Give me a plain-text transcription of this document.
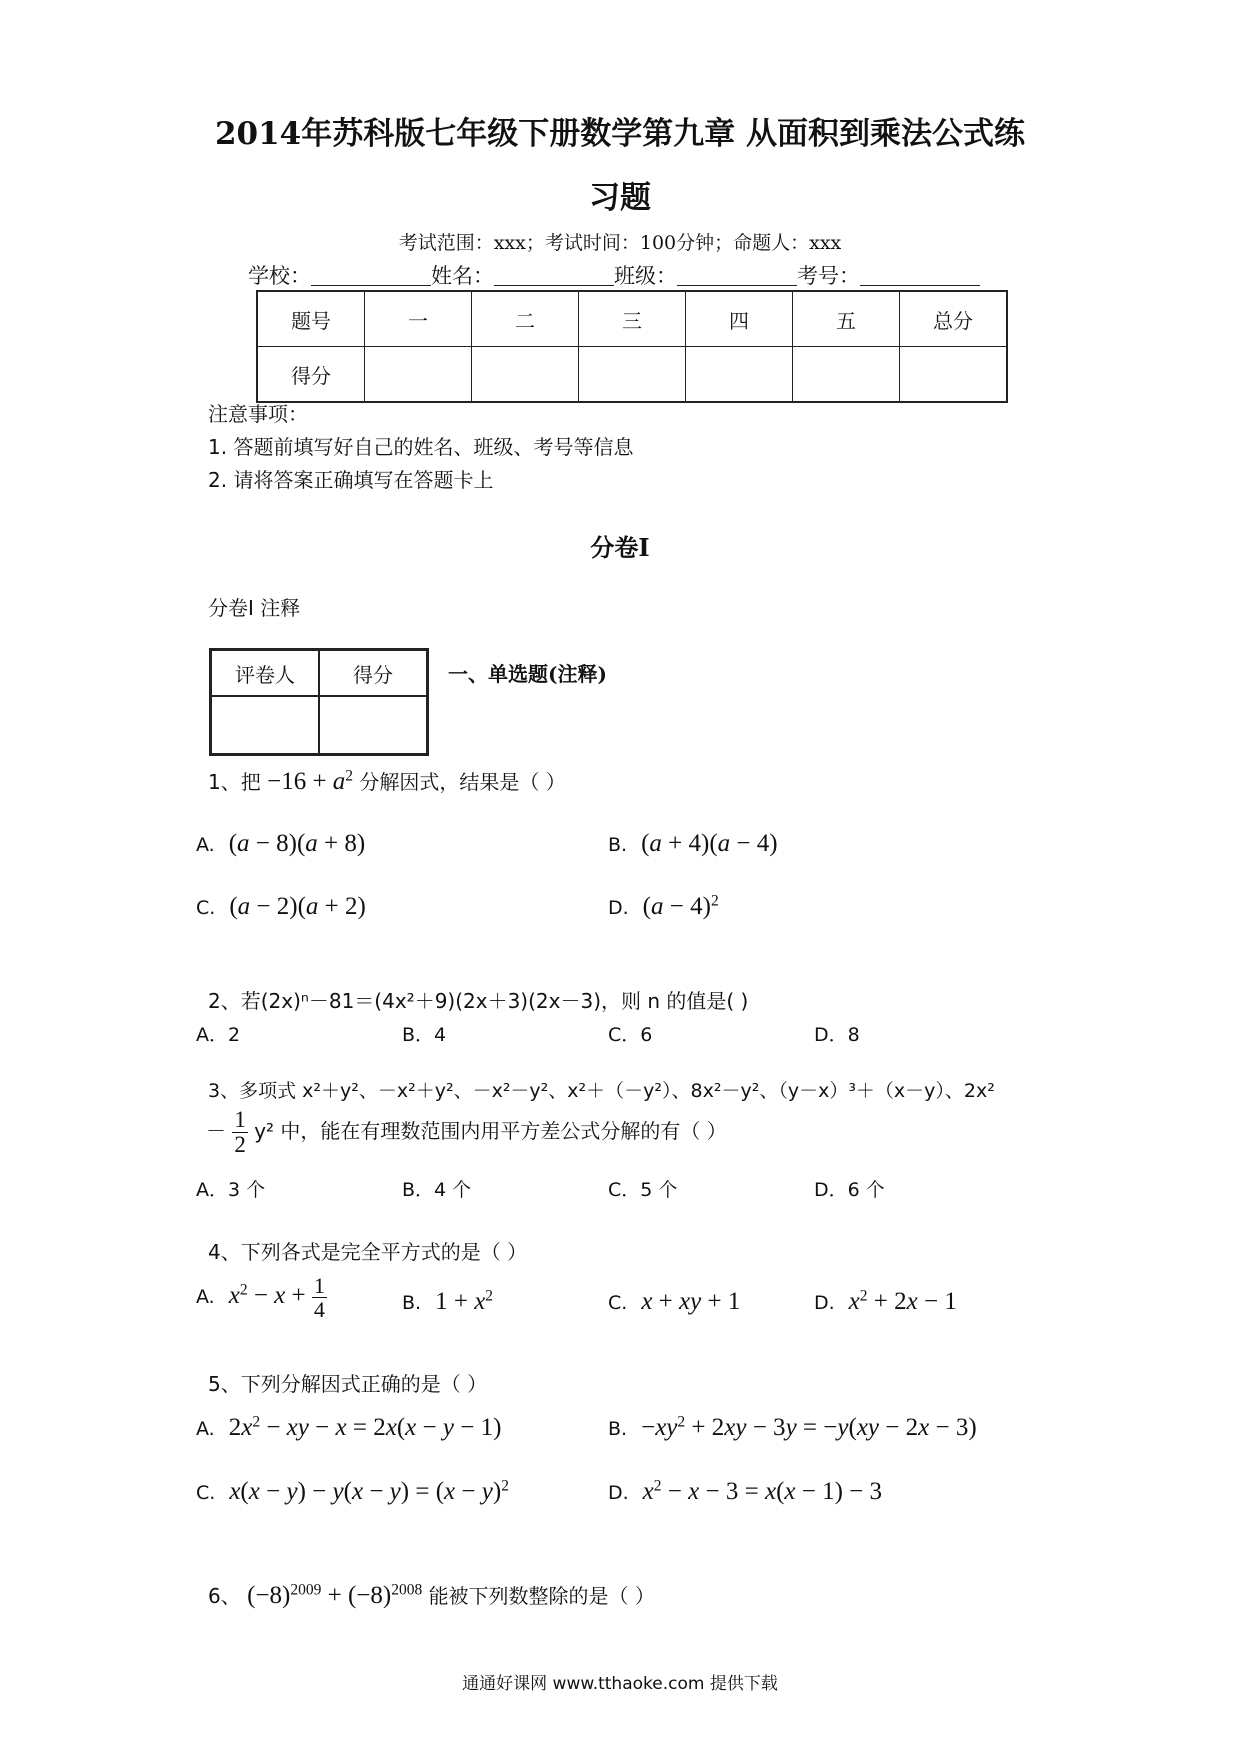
2014年苏科版七年级下册数学第九章 从面积到乘法公式练
习题
考试范围：xxx；考试时间：100分钟；命题人：xxx
学校：	姓名：	班级：	考号：
题号	一	二	三	四	五	总分
得分						
注意事项：
1. 答题前填写好自己的姓名、班级、考号等信息
2. 请将答案正确填写在答题卡上
分卷I
分卷I 注释
评卷人	得分
		一、单选题(注释)
1、把 $-16 + a^2$ 分解因式，结果是（ ）
A. (a − 8)(a + 8)	B. (a + 4)(a − 4)
C. (a − 2)(a + 2)	D. $(a - 4)^2$
2、若(2x)ⁿ－81＝(4x²＋9)(2x＋3)(2x－3)，则 n 的值是( )
A．2	B．4	C．6	D．8
3、多项式 x²＋y²、－x²＋y²、－x²－y²、x²＋（－y²）、8x²－y²、（y－x）³＋（x－y）、2x²
－ $\frac{1}{2} y^2$ 中，能在有理数范围内用平方差公式分解的有（ ）
A．3 个	B．4 个	C．5 个	D．6 个
4、下列各式是完全平方式的是（ ）
A. $x^2 - x + \frac{1}{4}$	B. $1 + x^2$	C. x + xy + 1	D. $x^2 + 2x - 1$
5、下列分解因式正确的是（ ）
A. $2x^2$ − xy − x = 2x(x − y − 1)	B. $-xy^2 + 2xy - 3y = -y(xy - 2x - 3)$
C. $x(x - y) - y(x - y) = (x - y)^2$	D. $x^2 - x - 3 = x(x - 1) - 3$
6、 $(-8)^{2009} + (-8)^{2008}$ 能被下列数整除的是（ ）
通通好课网 www.tthaoke.com 提供下载
